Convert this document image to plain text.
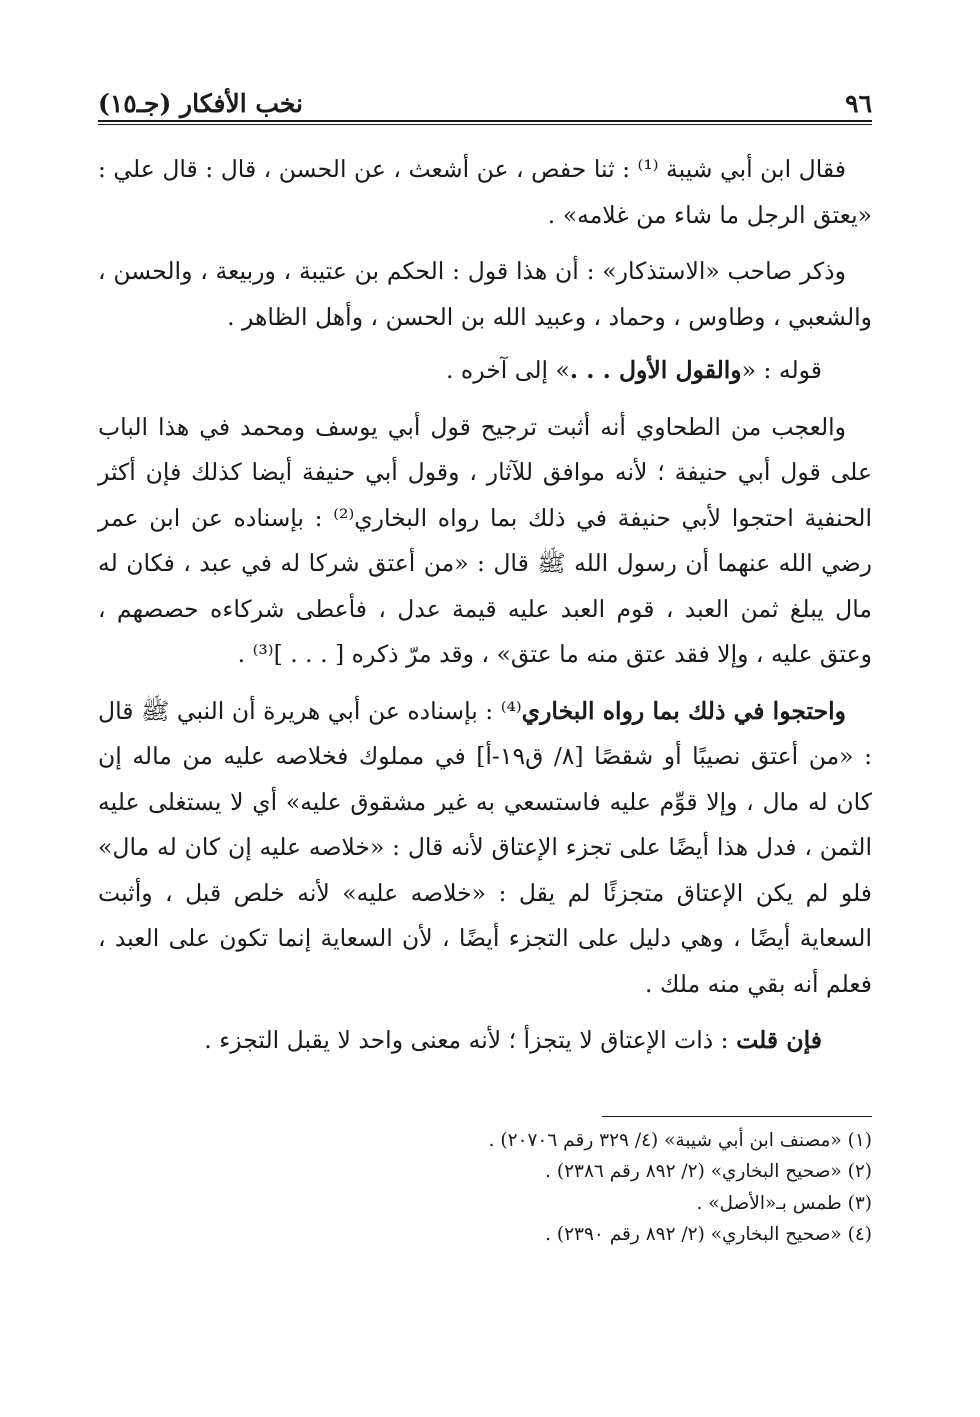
٩٦
نخب الأفكار (جـ١٥)

فقال ابن أبي شيبة ⁽¹⁾ : ثنا حفص ، عن أشعث ، عن الحسن ، قال : قال علي : «يعتق الرجل ما شاء من غلامه» .

وذكر صاحب «الاستذكار» : أن هذا قول : الحكم بن عتيبة ، وربيعة ، والحسن ، والشعبي ، وطاوس ، وحماد ، وعبيد الله بن الحسن ، وأهل الظاهر .

قوله : «والقول الأول . . .» إلى آخره .

والعجب من الطحاوي أنه أثبت ترجيح قول أبي يوسف ومحمد في هذا الباب على قول أبي حنيفة ؛ لأنه موافق للآثار ، وقول أبي حنيفة أيضا كذلك فإن أكثر الحنفية احتجوا لأبي حنيفة في ذلك بما رواه البخاري⁽²⁾ : بإسناده عن ابن عمر رضي الله عنهما أن رسول الله ﷺ قال : «من أعتق شركا له في عبد ، فكان له مال يبلغ ثمن العبد ، قوم العبد عليه قيمة عدل ، فأعطى شركاءه حصصهم ، وعتق عليه ، وإلا فقد عتق منه ما عتق» ، وقد مرّ ذكره [ . . . ]⁽³⁾ .

واحتجوا في ذلك بما رواه البخاري⁽⁴⁾ : بإسناده عن أبي هريرة أن النبي ﷺ قال : «من أعتق نصيبًا أو شقصًا [٨/ ق١٩-أ] في مملوك فخلاصه عليه من ماله إن كان له مال ، وإلا قوِّم عليه فاستسعي به غير مشقوق عليه» أي لا يستغلى عليه الثمن ، فدل هذا أيضًا على تجزء الإعتاق لأنه قال : «خلاصه عليه إن كان له مال» فلو لم يكن الإعتاق متجزئًا لم يقل : «خلاصه عليه» لأنه خلص قبل ، وأثبت السعاية أيضًا ، وهي دليل على التجزء أيضًا ، لأن السعاية إنما تكون على العبد ، فعلم أنه بقي منه ملك .

فإن قلت : ذات الإعتاق لا يتجزأ ؛ لأنه معنى واحد لا يقبل التجزء .

(١) «مصنف ابن أبي شيبة» (٤/ ٣٢٩ رقم ٢٠٧٠٦) .

(٢) «صحيح البخاري» (٢/ ٨٩٢ رقم ٢٣٨٦) .

(٣) طمس بـ«الأصل» .

(٤) «صحيح البخاري» (٢/ ٨٩٢ رقم ٢٣٩٠) .
